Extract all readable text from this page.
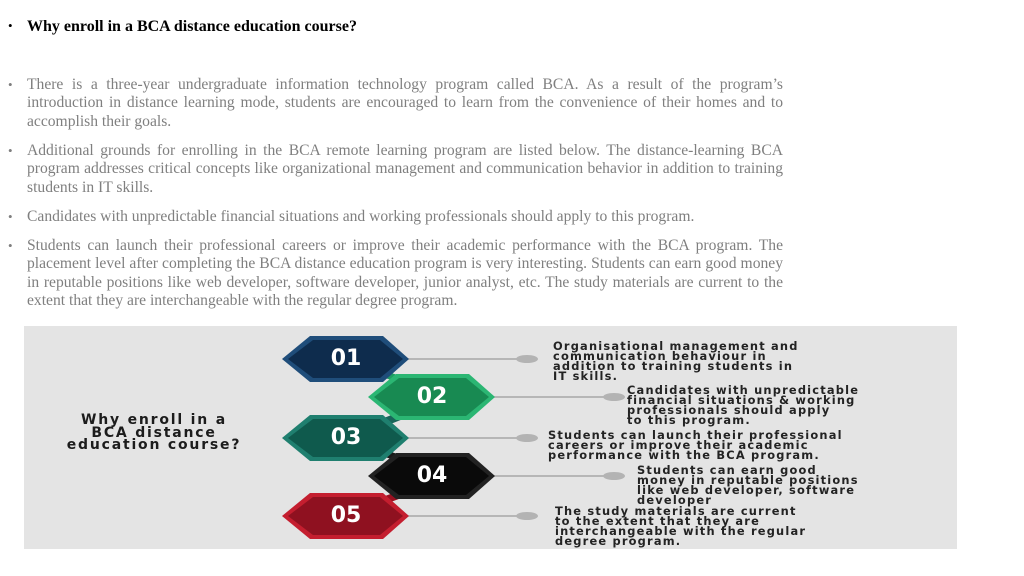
• Why enroll in a BCA distance education course?
• There is a three-year undergraduate information technology program called BCA. As a result of the program’s introduction in distance learning mode, students are encouraged to learn from the convenience of their homes and to accomplish their goals.
• Additional grounds for enrolling in the BCA remote learning program are listed below. The distance-learning BCA program addresses critical concepts like organizational management and communication behavior in addition to training students in IT skills.
• Candidates with unpredictable financial situations and working professionals should apply to this program.
• Students can launch their professional careers or improve their academic performance with the BCA program. The placement level after completing the BCA distance education program is very interesting. Students can earn good money in reputable positions like web developer, software developer, junior analyst, etc. The study materials are current to the extent that they are interchangeable with the regular degree program.
Why enroll in a
BCA distance
education course?
01
02
03
04
05
Organisational management and
communication behaviour in
addition to training students in
IT skills.
Candidates with unpredictable
financial situations & working
professionals should apply
to this program.
Students can launch their professional
careers or improve their academic
performance with the BCA program.
Students can earn good
money in reputable positions
like web developer, software
developer
The study materials are current
to the extent that they are
interchangeable with the regular
degree program.
